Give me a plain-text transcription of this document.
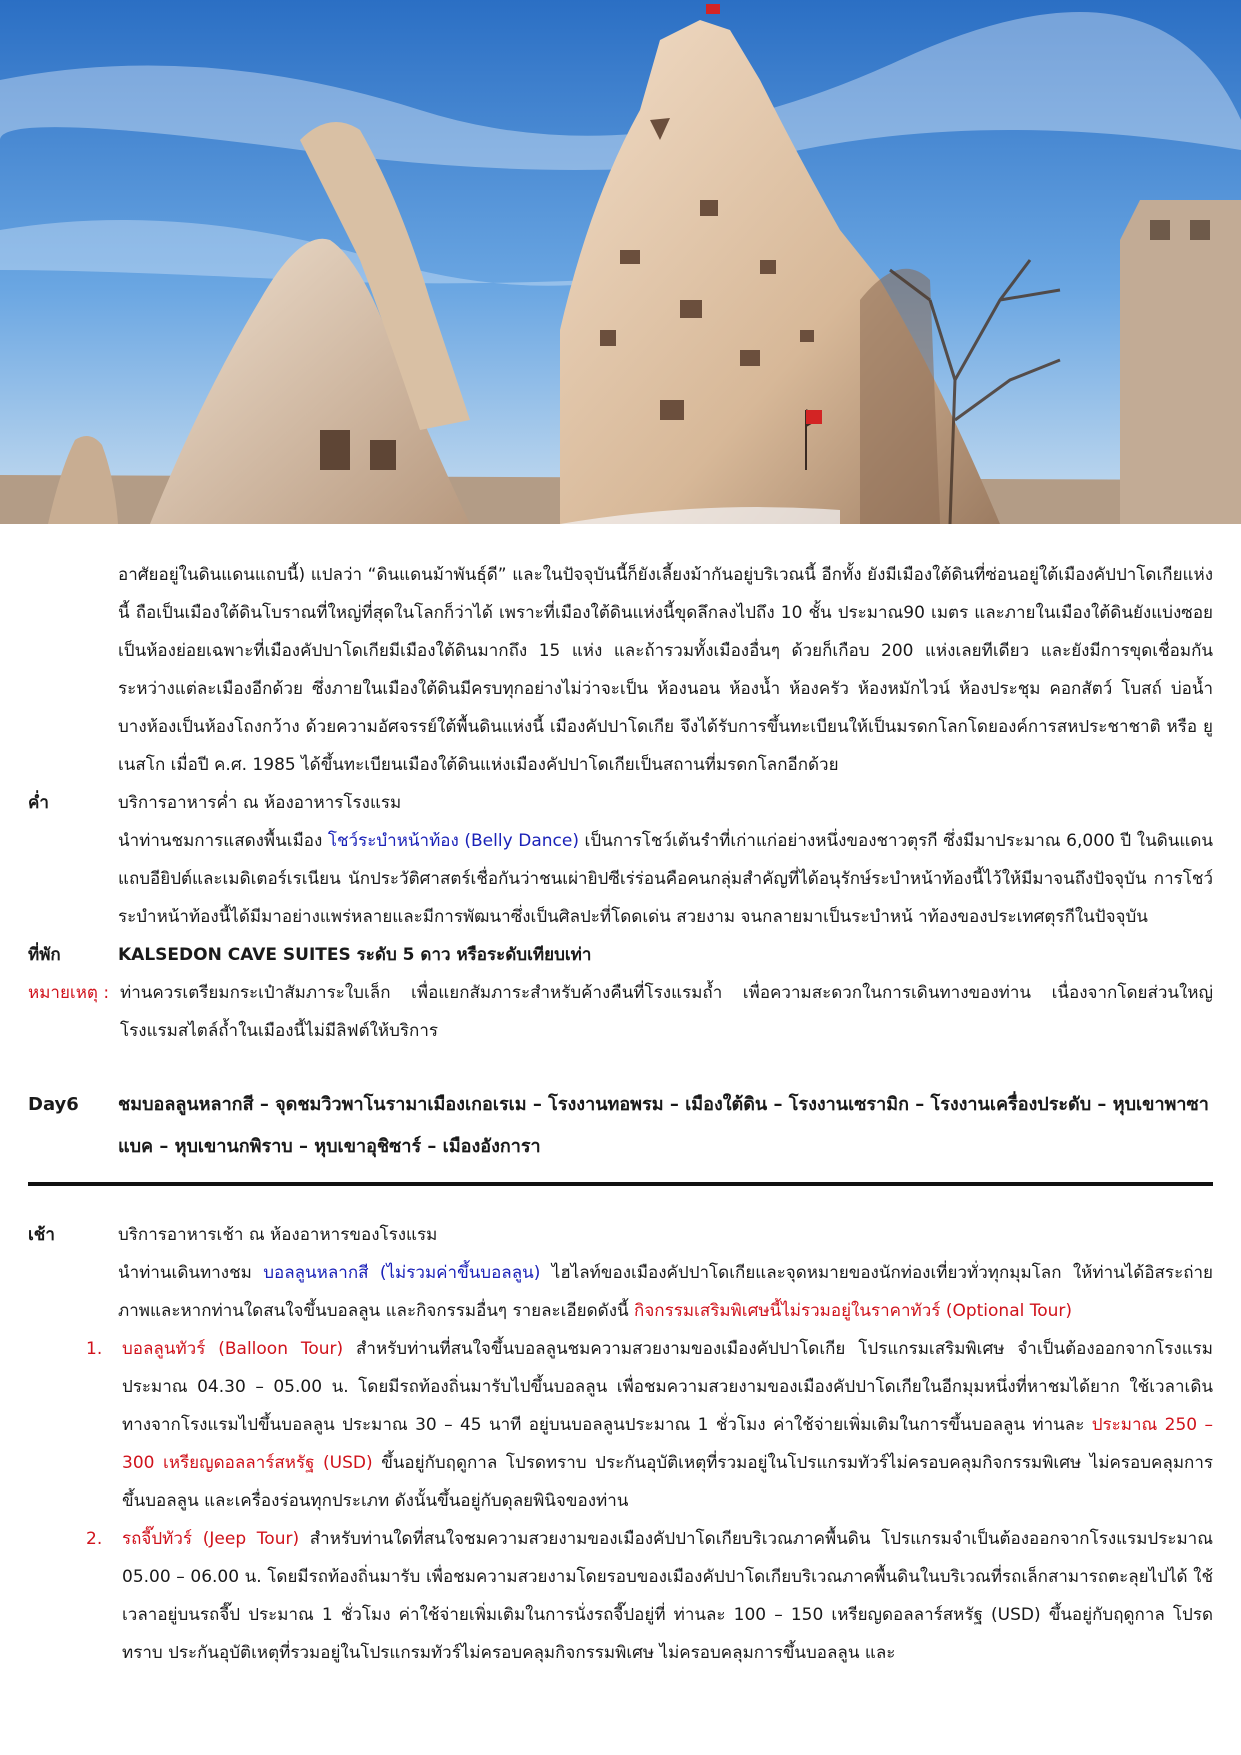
อาศัยอยู่ในดินแดนแถบนี้) แปลว่า “ดินแดนม้าพันธุ์ดี” และในปัจจุบันนี้ก็ยังเลี้ยงม้ากันอยู่บริเวณนี้ อีกทั้ง ยังมีเมืองใต้ดินที่ซ่อนอยู่ใต้เมืองคัปปาโดเกียแห่งนี้ ถือเป็นเมืองใต้ดินโบราณที่ใหญ่ที่สุดในโลกก็ว่าได้ เพราะที่เมืองใต้ดินแห่งนี้ขุดลึกลงไปถึง 10 ชั้น ประมาณ90 เมตร และภายในเมืองใต้ดินยังแบ่งซอยเป็นห้องย่อยเฉพาะที่เมืองคัปปาโดเกียมีเมืองใต้ดินมากถึง 15 แห่ง และถ้ารวมทั้งเมืองอื่นๆ ด้วยก็เกือบ 200 แห่งเลยทีเดียว และยังมีการขุดเชื่อมกันระหว่างแต่ละเมืองอีกด้วย ซึ่งภายในเมืองใต้ดินมีครบทุกอย่างไม่ว่าจะเป็น ห้องนอน ห้องน้ำ ห้องครัว ห้องหมักไวน์ ห้องประชุม คอกสัตว์ โบสถ์ บ่อน้ำ บางห้องเป็นห้องโถงกว้าง ด้วยความอัศจรรย์ใต้พื้นดินแห่งนี้ เมืองคัปปาโดเกีย จึงได้รับการขึ้นทะเบียนให้เป็นมรดกโลกโดยองค์การสหประชาชาติ หรือ ยูเนสโก เมื่อปี ค.ศ. 1985 ได้ขึ้นทะเบียนเมืองใต้ดินแห่งเมืองคัปปาโดเกียเป็นสถานที่มรดกโลกอีกด้วย
ค่ำ	บริการอาหารค่ำ ณ ห้องอาหารโรงแรม
นำท่านชมการแสดงพื้นเมือง โชว์ระบำหน้าท้อง (Belly Dance) เป็นการโชว์เต้นรำที่เก่าแก่อย่างหนึ่งของชาวตุรกี ซึ่งมีมาประมาณ 6,000 ปี ในดินแดนแถบอียิปต์และเมดิเตอร์เรเนียน นักประวัติศาสตร์เชื่อกันว่าชนเผ่ายิปซีเร่ร่อนคือคนกลุ่มสำคัญที่ได้อนุรักษ์ระบำหน้าท้องนี้ไว้ให้มีมาจนถึงปัจจุบัน การโชว์ระบำหน้าท้องนี้ได้มีมาอย่างแพร่หลายและมีการพัฒนาซึ่งเป็นศิลปะที่โดดเด่น สวยงาม จนกลายมาเป็นระบำหน้ าท้องของประเทศตุรกีในปัจจุบัน
ที่พัก	KALSEDON CAVE SUITES ระดับ 5 ดาว หรือระดับเทียบเท่า
หมายเหตุ : ท่านควรเตรียมกระเป๋าสัมภาระใบเล็ก เพื่อแยกสัมภาระสำหรับค้างคืนที่โรงแรมถ้ำ เพื่อความสะดวกในการเดินทางของท่าน เนื่องจากโดยส่วนใหญ่โรงแรมสไตล์ถ้ำในเมืองนี้ไม่มีลิฟต์ให้บริการ
Day6	ชมบอลลูนหลากสี – จุดชมวิวพาโนรามาเมืองเกอเรเม – โรงงานทอพรม – เมืองใต้ดิน – โรงงานเซรามิก – โรงงานเครื่องประดับ – หุบเขาพาซาแบค – หุบเขานกพิราบ – หุบเขาอุชิซาร์ – เมืองอังการา
เช้า	บริการอาหารเช้า ณ ห้องอาหารของโรงแรม
นำท่านเดินทางชม บอลลูนหลากสี (ไม่รวมค่าขึ้นบอลลูน) ไฮไลท์ของเมืองคัปปาโดเกียและจุดหมายของนักท่องเที่ยวทั่วทุกมุมโลก ให้ท่านได้อิสระถ่ายภาพและหากท่านใดสนใจขึ้นบอลลูน และกิจกรรมอื่นๆ รายละเอียดดังนี้ กิจกรรมเสริมพิเศษนี้ไม่รวมอยู่ในราคาทัวร์ (Optional Tour)
1.	บอลลูนทัวร์ (Balloon Tour) สำหรับท่านที่สนใจขึ้นบอลลูนชมความสวยงามของเมืองคัปปาโดเกีย โปรแกรมเสริมพิเศษ จำเป็นต้องออกจากโรงแรมประมาณ 04.30 – 05.00 น. โดยมีรถท้องถิ่นมารับไปขึ้นบอลลูน เพื่อชมความสวยงามของเมืองคัปปาโดเกียในอีกมุมหนึ่งที่หาชมได้ยาก ใช้เวลาเดินทางจากโรงแรมไปขึ้นบอลลูน ประมาณ 30 – 45 นาที อยู่บนบอลลูนประมาณ 1 ชั่วโมง ค่าใช้จ่ายเพิ่มเติมในการขึ้นบอลลูน ท่านละ ประมาณ 250 – 300 เหรียญดอลลาร์สหรัฐ (USD) ขึ้นอยู่กับฤดูกาล โปรดทราบ ประกันอุบัติเหตุที่รวมอยู่ในโปรแกรมทัวร์ไม่ครอบคลุมกิจกรรมพิเศษ ไม่ครอบคลุมการขึ้นบอลลูน และเครื่องร่อนทุกประเภท ดังนั้นขึ้นอยู่กับดุลยพินิจของท่าน
2.	รถจี๊ปทัวร์ (Jeep Tour) สำหรับท่านใดที่สนใจชมความสวยงามของเมืองคัปปาโดเกียบริเวณภาคพื้นดิน โปรแกรมจำเป็นต้องออกจากโรงแรมประมาณ 05.00 – 06.00 น. โดยมีรถท้องถิ่นมารับ เพื่อชมความสวยงามโดยรอบของเมืองคัปปาโดเกียบริเวณภาคพื้นดินในบริเวณที่รถเล็กสามารถตะลุยไปได้ ใช้เวลาอยู่บนรถจี๊ป ประมาณ 1 ชั่วโมง ค่าใช้จ่ายเพิ่มเติมในการนั่งรถจี๊ปอยู่ที่ ท่านละ 100 – 150 เหรียญดอลลาร์สหรัฐ (USD) ขึ้นอยู่กับฤดูกาล โปรดทราบ ประกันอุบัติเหตุที่รวมอยู่ในโปรแกรมทัวร์ไม่ครอบคลุมกิจกรรมพิเศษ ไม่ครอบคลุมการขึ้นบอลลูน และ
